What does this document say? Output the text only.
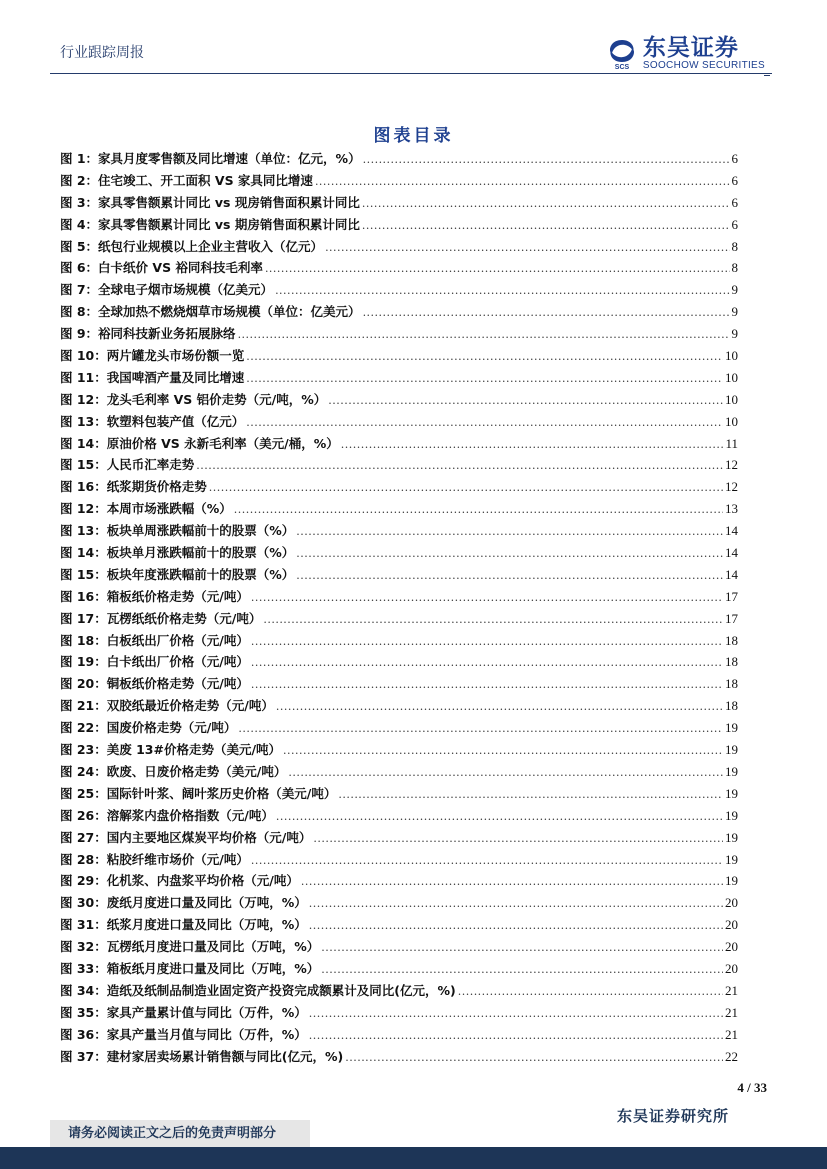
行业跟踪周报
SCS
东吴证券
SOOCHOW SECURITIES
图表目录
图 1：家具月度零售额及同比增速（单位：亿元，%） .....	6
图 2：住宅竣工、开工面积 VS 家具同比增速 .....	6
图 3：家具零售额累计同比 vs 现房销售面积累计同比 .....	6
图 4：家具零售额累计同比 vs 期房销售面积累计同比 .....	6
图 5：纸包行业规模以上企业主营收入（亿元） .....	8
图 6：白卡纸价 VS 裕同科技毛利率 .....	8
图 7：全球电子烟市场规模（亿美元） .....	9
图 8：全球加热不燃烧烟草市场规模（单位：亿美元） .....	9
图 9：裕同科技新业务拓展脉络 .....	9
图 10：两片罐龙头市场份额一览 .....	10
图 11：我国啤酒产量及同比增速 .....	10
图 12：龙头毛利率 VS 铝价走势（元/吨，%） .....	10
图 13：软塑料包装产值（亿元） .....	10
图 14：原油价格 VS 永新毛利率（美元/桶，%） .....	11
图 15：人民币汇率走势 .....	12
图 16：纸浆期货价格走势 .....	12
图 12：本周市场涨跌幅（%） .....	13
图 13：板块单周涨跌幅前十的股票（%） .....	14
图 14：板块单月涨跌幅前十的股票（%） .....	14
图 15：板块年度涨跌幅前十的股票（%） .....	14
图 16：箱板纸价格走势（元/吨） .....	17
图 17：瓦楞纸纸价格走势（元/吨） .....	17
图 18：白板纸出厂价格（元/吨） .....	18
图 19：白卡纸出厂价格（元/吨） .....	18
图 20：铜板纸价格走势（元/吨） .....	18
图 21：双胶纸最近价格走势（元/吨） .....	18
图 22：国废价格走势（元/吨） .....	19
图 23：美废 13#价格走势（美元/吨） .....	19
图 24：欧废、日废价格走势（美元/吨） .....	19
图 25：国际针叶浆、阔叶浆历史价格（美元/吨） .....	19
图 26：溶解浆内盘价格指数（元/吨） .....	19
图 27：国内主要地区煤炭平均价格（元/吨） .....	19
图 28：粘胶纤维市场价（元/吨） .....	19
图 29：化机浆、内盘浆平均价格（元/吨） .....	19
图 30：废纸月度进口量及同比（万吨，%） .....	20
图 31：纸浆月度进口量及同比（万吨，%） .....	20
图 32：瓦楞纸月度进口量及同比（万吨，%） .....	20
图 33：箱板纸月度进口量及同比（万吨，%） .....	20
图 34：造纸及纸制品制造业固定资产投资完成额累计及同比(亿元，%) .....	21
图 35：家具产量累计值与同比（万件，%） .....	21
图 36：家具产量当月值与同比（万件，%） .....	21
图 37：建材家居卖场累计销售额与同比(亿元，%) .....	22
4 / 33
东吴证券研究所
请务必阅读正文之后的免责声明部分
